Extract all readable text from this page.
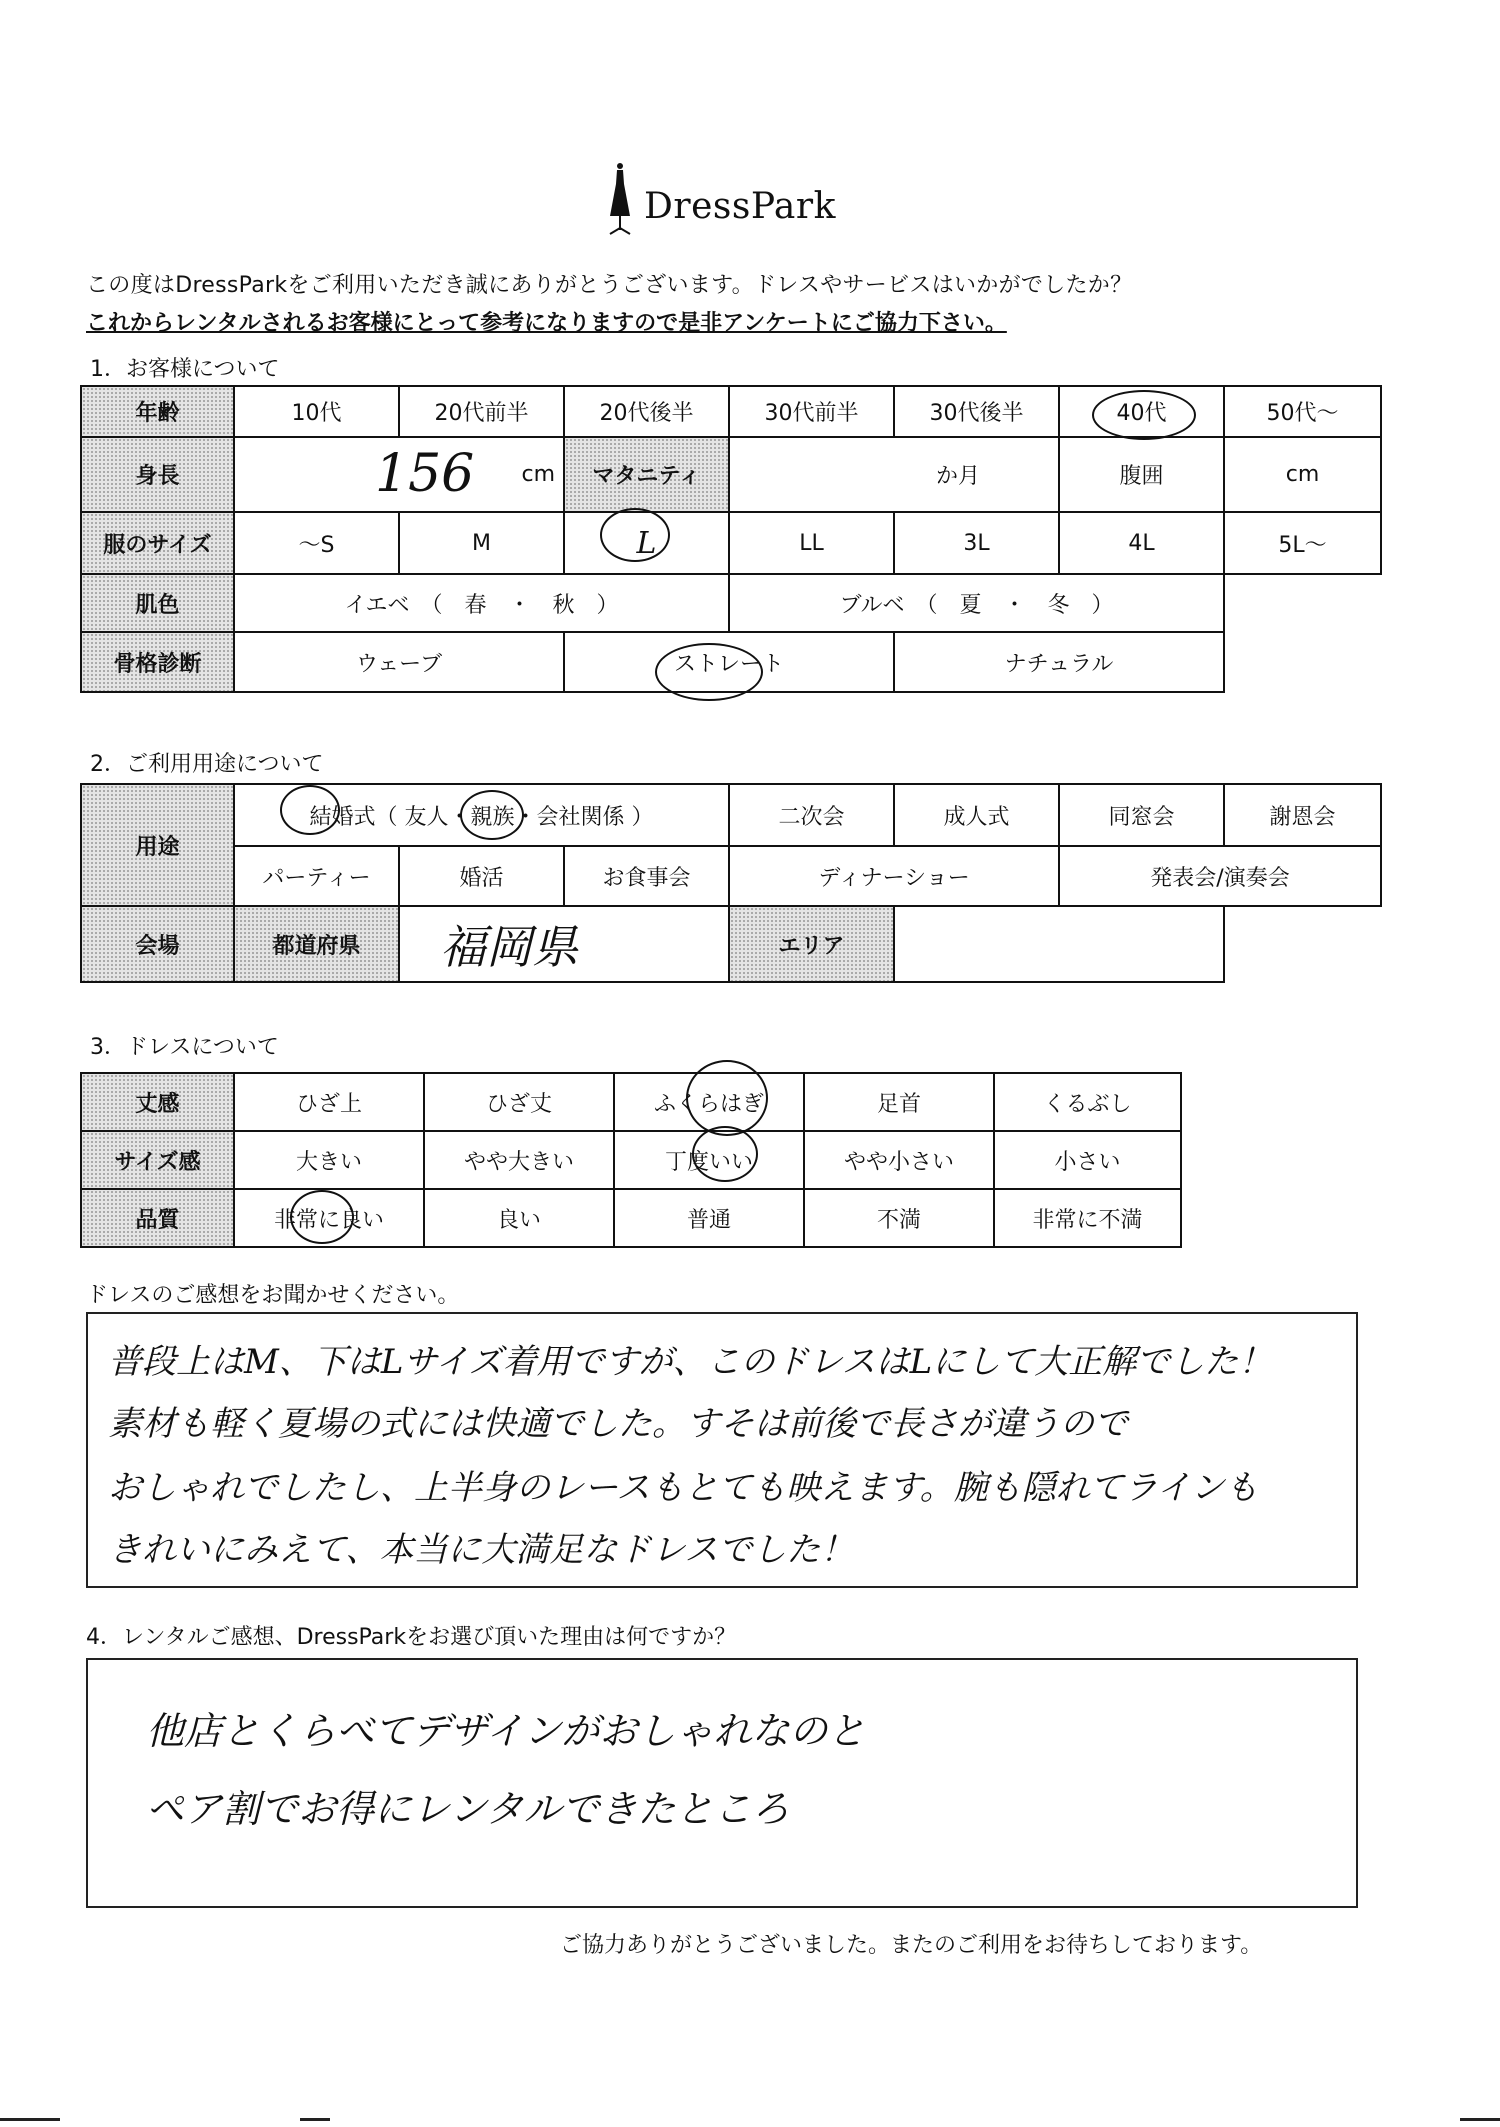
DressPark
この度はDressParkをご利用いただき誠にありがとうございます。ドレスやサービスはいかがでしたか？
これからレンタルされるお客様にとって参考になりますので是非アンケートにご協力下さい。
1．お客様について
年齢	10代	20代前半	20代後半	30代前半	30代後半	40代	50代～
身長	156 cm		マタニティ	か月		腹囲	cm
服のサイズ	～S	M	L	LL	3L	4L	5L～
肌色	イエベ　（　春　・　秋　）			ブルベ　（　夏　・　冬　）			
骨格診断	ウェーブ		ストレート		ナチュラル		
2．ご利用用途について
用途	結婚式（ 友人・親族・会社関係 ）			二次会	成人式	同窓会	謝恩会
	パーティー	婚活	お食事会	ディナーショー		発表会/演奏会	
会場	都道府県	福岡県		エリア			
3．ドレスについて
丈感	ひざ上	ひざ丈	ふくらはぎ	足首	くるぶし
サイズ感	大きい	やや大きい	丁度いい	やや小さい	小さい
品質	非常に良い	良い	普通	不満	非常に不満
ドレスのご感想をお聞かせください。
普段上はM、下はLサイズ着用ですが、このドレスはLにして大正解でした！
素材も軽く夏場の式には快適でした。すそは前後で長さが違うので
おしゃれでしたし、上半身のレースもとても映えます。腕も隠れてラインも
きれいにみえて、本当に大満足なドレスでした！
4．レンタルご感想、DressParkをお選び頂いた理由は何ですか？
他店とくらべてデザインがおしゃれなのと
ペア割でお得にレンタルできたところ
ご協力ありがとうございました。またのご利用をお待ちしております。
